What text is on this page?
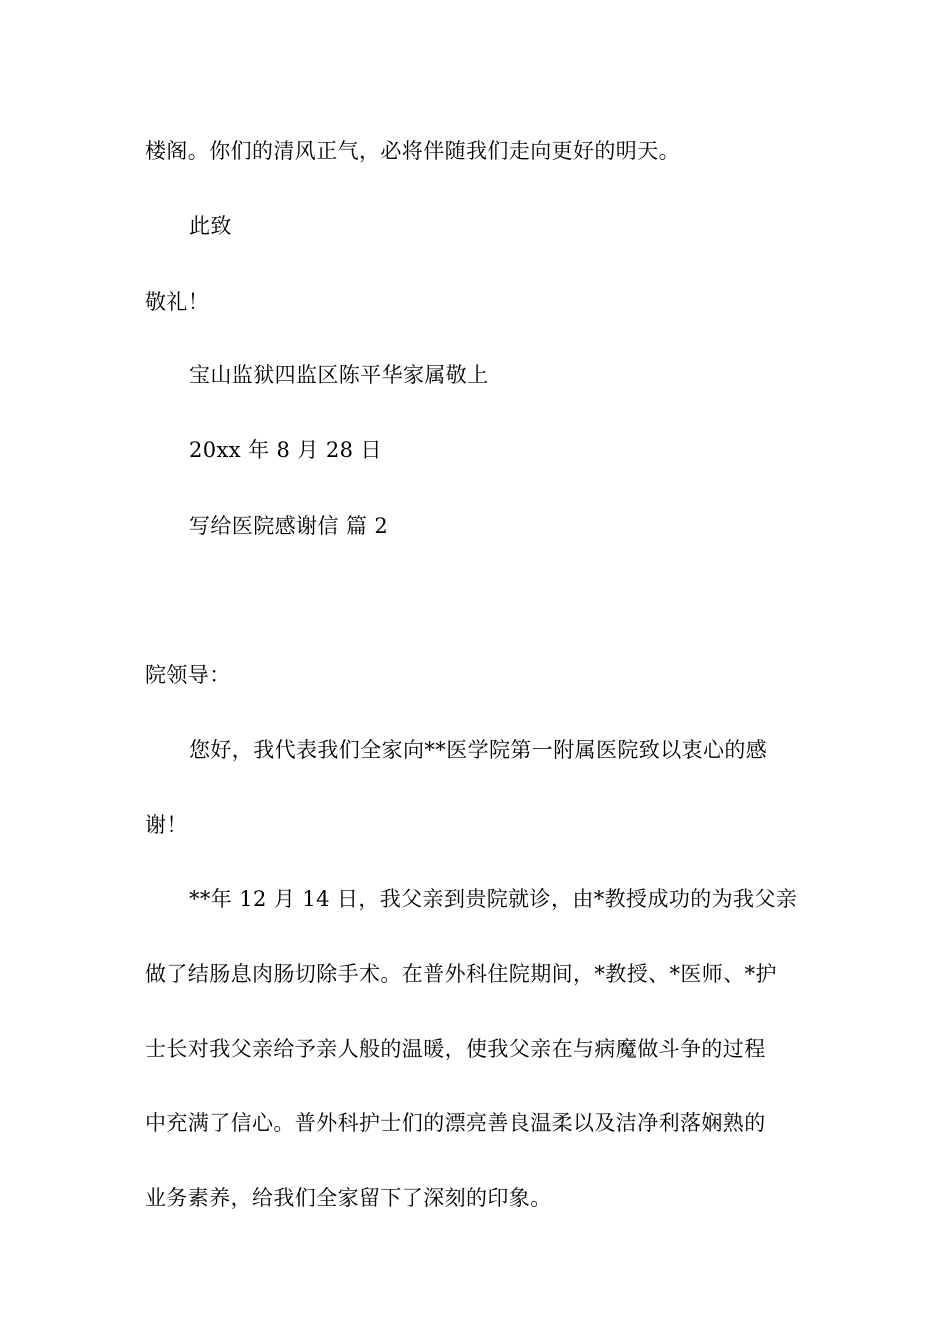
楼阁。你们的清风正气，必将伴随我们走向更好的明天。
此致
敬礼！
宝山监狱四监区陈平华家属敬上
20xx 年 8 月 28 日
写给医院感谢信 篇 2
院领导：
您好，我代表我们全家向**医学院第一附属医院致以衷心的感
谢！
**年 12 月 14 日，我父亲到贵院就诊，由*教授成功的为我父亲
做了结肠息肉肠切除手术。在普外科住院期间，*教授、*医师、*护
士长对我父亲给予亲人般的温暖，使我父亲在与病魔做斗争的过程
中充满了信心。普外科护士们的漂亮善良温柔以及洁净利落娴熟的
业务素养，给我们全家留下了深刻的印象。
